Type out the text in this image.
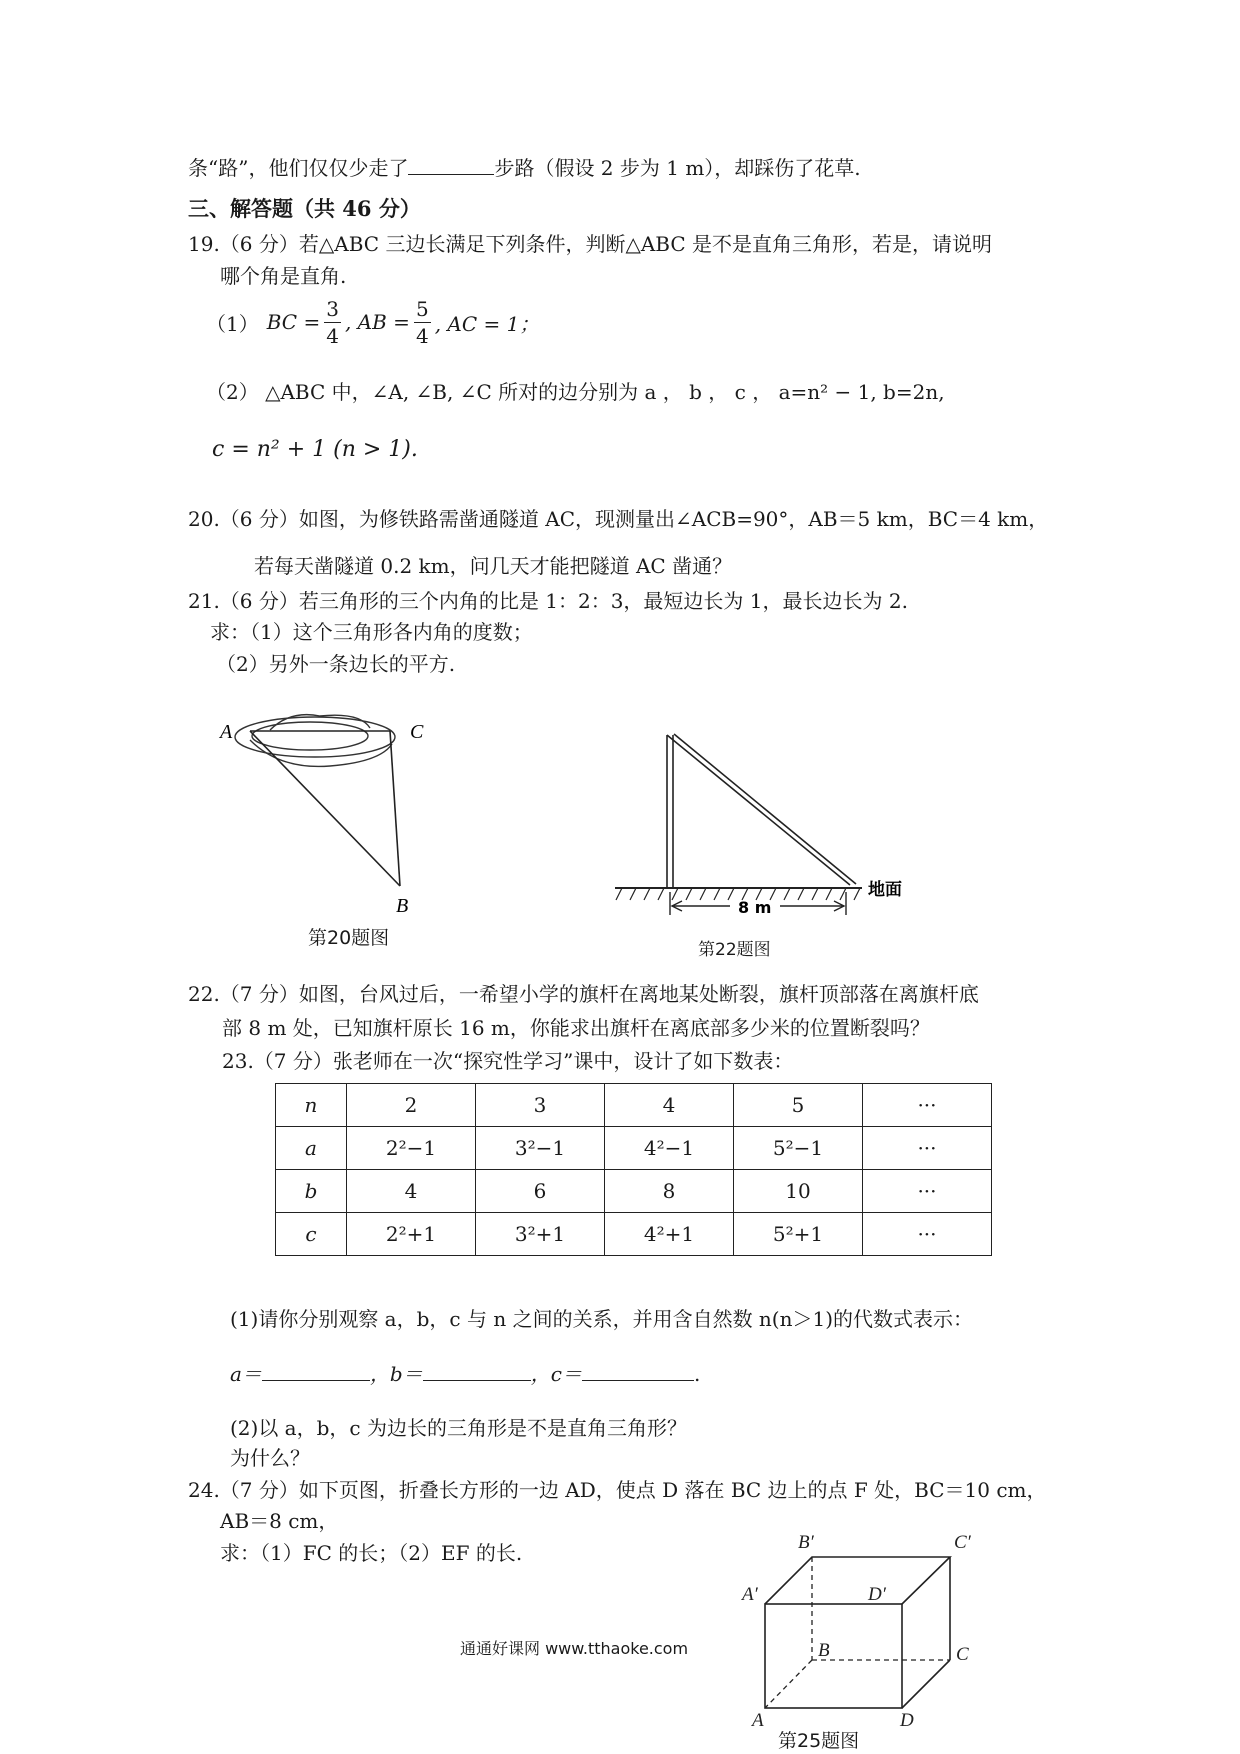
条“路”，他们仅仅少走了	步路（假设 2 步为 1 m），却踩伤了花草.
三、解答题（共 46 分）
19.（6 分）若△ABC 三边长满足下列条件，判断△ABC 是不是直角三角形，若是，请说明
哪个角是直角.
（1） BC = $\frac{3}{4}$ , AB = $\frac{5}{4}$ , AC = 1；
（2） △ABC 中，∠A, ∠B, ∠C 所对的边分别为 a ， b ， c ， a=n² − 1, b=2n,
c = n² + 1 (n > 1).
20.（6 分）如图，为修铁路需凿通隧道 AC，现测量出∠ACB=90°，AB＝5 km，BC＝4 km，
若每天凿隧道 0.2 km，问几天才能把隧道 AC 凿通？
21.（6 分）若三角形的三个内角的比是 1：2：3，最短边长为 1，最长边长为 2.
求：（1）这个三角形各内角的度数；
（2）另外一条边长的平方.
A	C
B
第20题图
8 m
地面
第22题图
22.（7 分）如图，台风过后，一希望小学的旗杆在离地某处断裂，旗杆顶部落在离旗杆底
部 8 m 处，已知旗杆原长 16 m，你能求出旗杆在离底部多少米的位置断裂吗？
23.（7 分）张老师在一次“探究性学习”课中，设计了如下数表：
n	2	3	4	5	···
a	2²−1	3²−1	4²−1	5²−1	···
b	4	6	8	10	···
c	2²+1	3²+1	4²+1	5²+1	···
(1)请你分别观察 a，b，c 与 n 之间的关系，并用含自然数 n(n＞1)的代数式表示：
a＝	，b＝	，c＝	.
(2)以 a，b，c 为边长的三角形是不是直角三角形？
为什么？
24.（7 分）如下页图，折叠长方形的一边 AD，使点 D 落在 BC 边上的点 F 处，BC＝10 cm，
AB＝8 cm，
求：（1）FC 的长；（2）EF 的长.	B′	C′
A′	D′
B	C
A	D
第25题图
通通好课网 www.tthaoke.com
